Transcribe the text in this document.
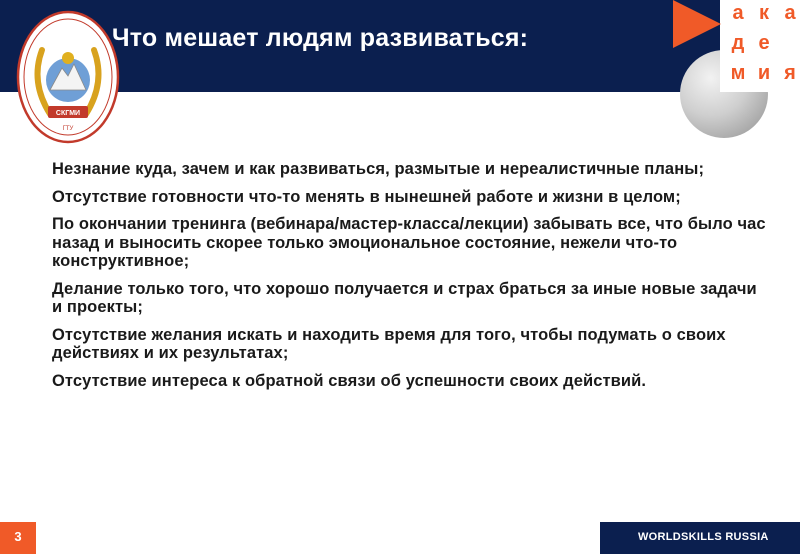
Что мешает людям развиваться:
а к а
д е
м и я
СКГМИ
ГТУ
Незнание куда, зачем и как развиваться, размытые и нереалистичные планы;
Отсутствие готовности что-то менять в нынешней работе и жизни в целом;
По окончании тренинга (вебинара/мастер-класса/лекции) забывать все, что было час назад и выносить скорее только эмоциональное состояние, нежели что-то конструктивное;
Делание только того, что хорошо получается и страх браться за иные новые задачи и проекты;
Отсутствие желания искать и находить время для того, чтобы подумать о своих действиях и их результатах;
Отсутствие интереса к обратной связи об успешности своих действий.
3	WORLDSKILLS RUSSIA
